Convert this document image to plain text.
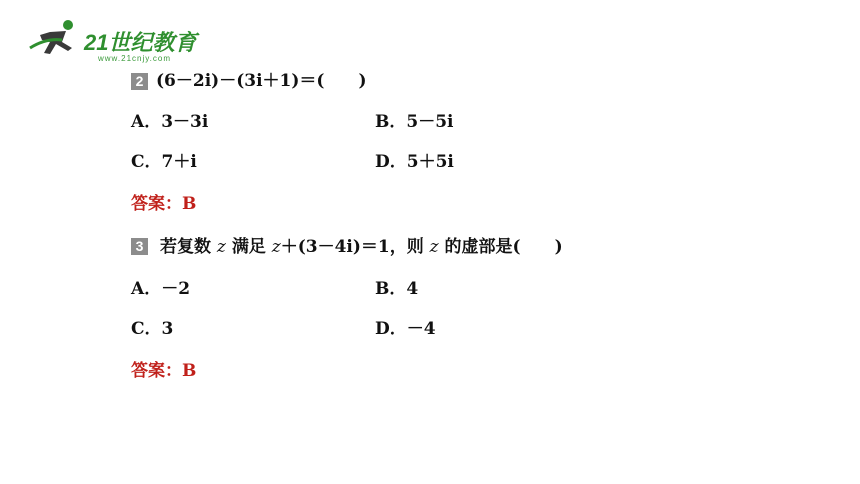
21世纪教育
www.21cnjy.com
2 (6－2i)－(3i＋1)＝(　　)
A．3－3i	B．5－5i
C．7＋i	D．5＋5i
答案：B
3 若复数 z 满足 z＋(3－4i)＝1，则 z 的虚部是(　　)
A．－2	B．4
C．3	D．－4
答案：B
